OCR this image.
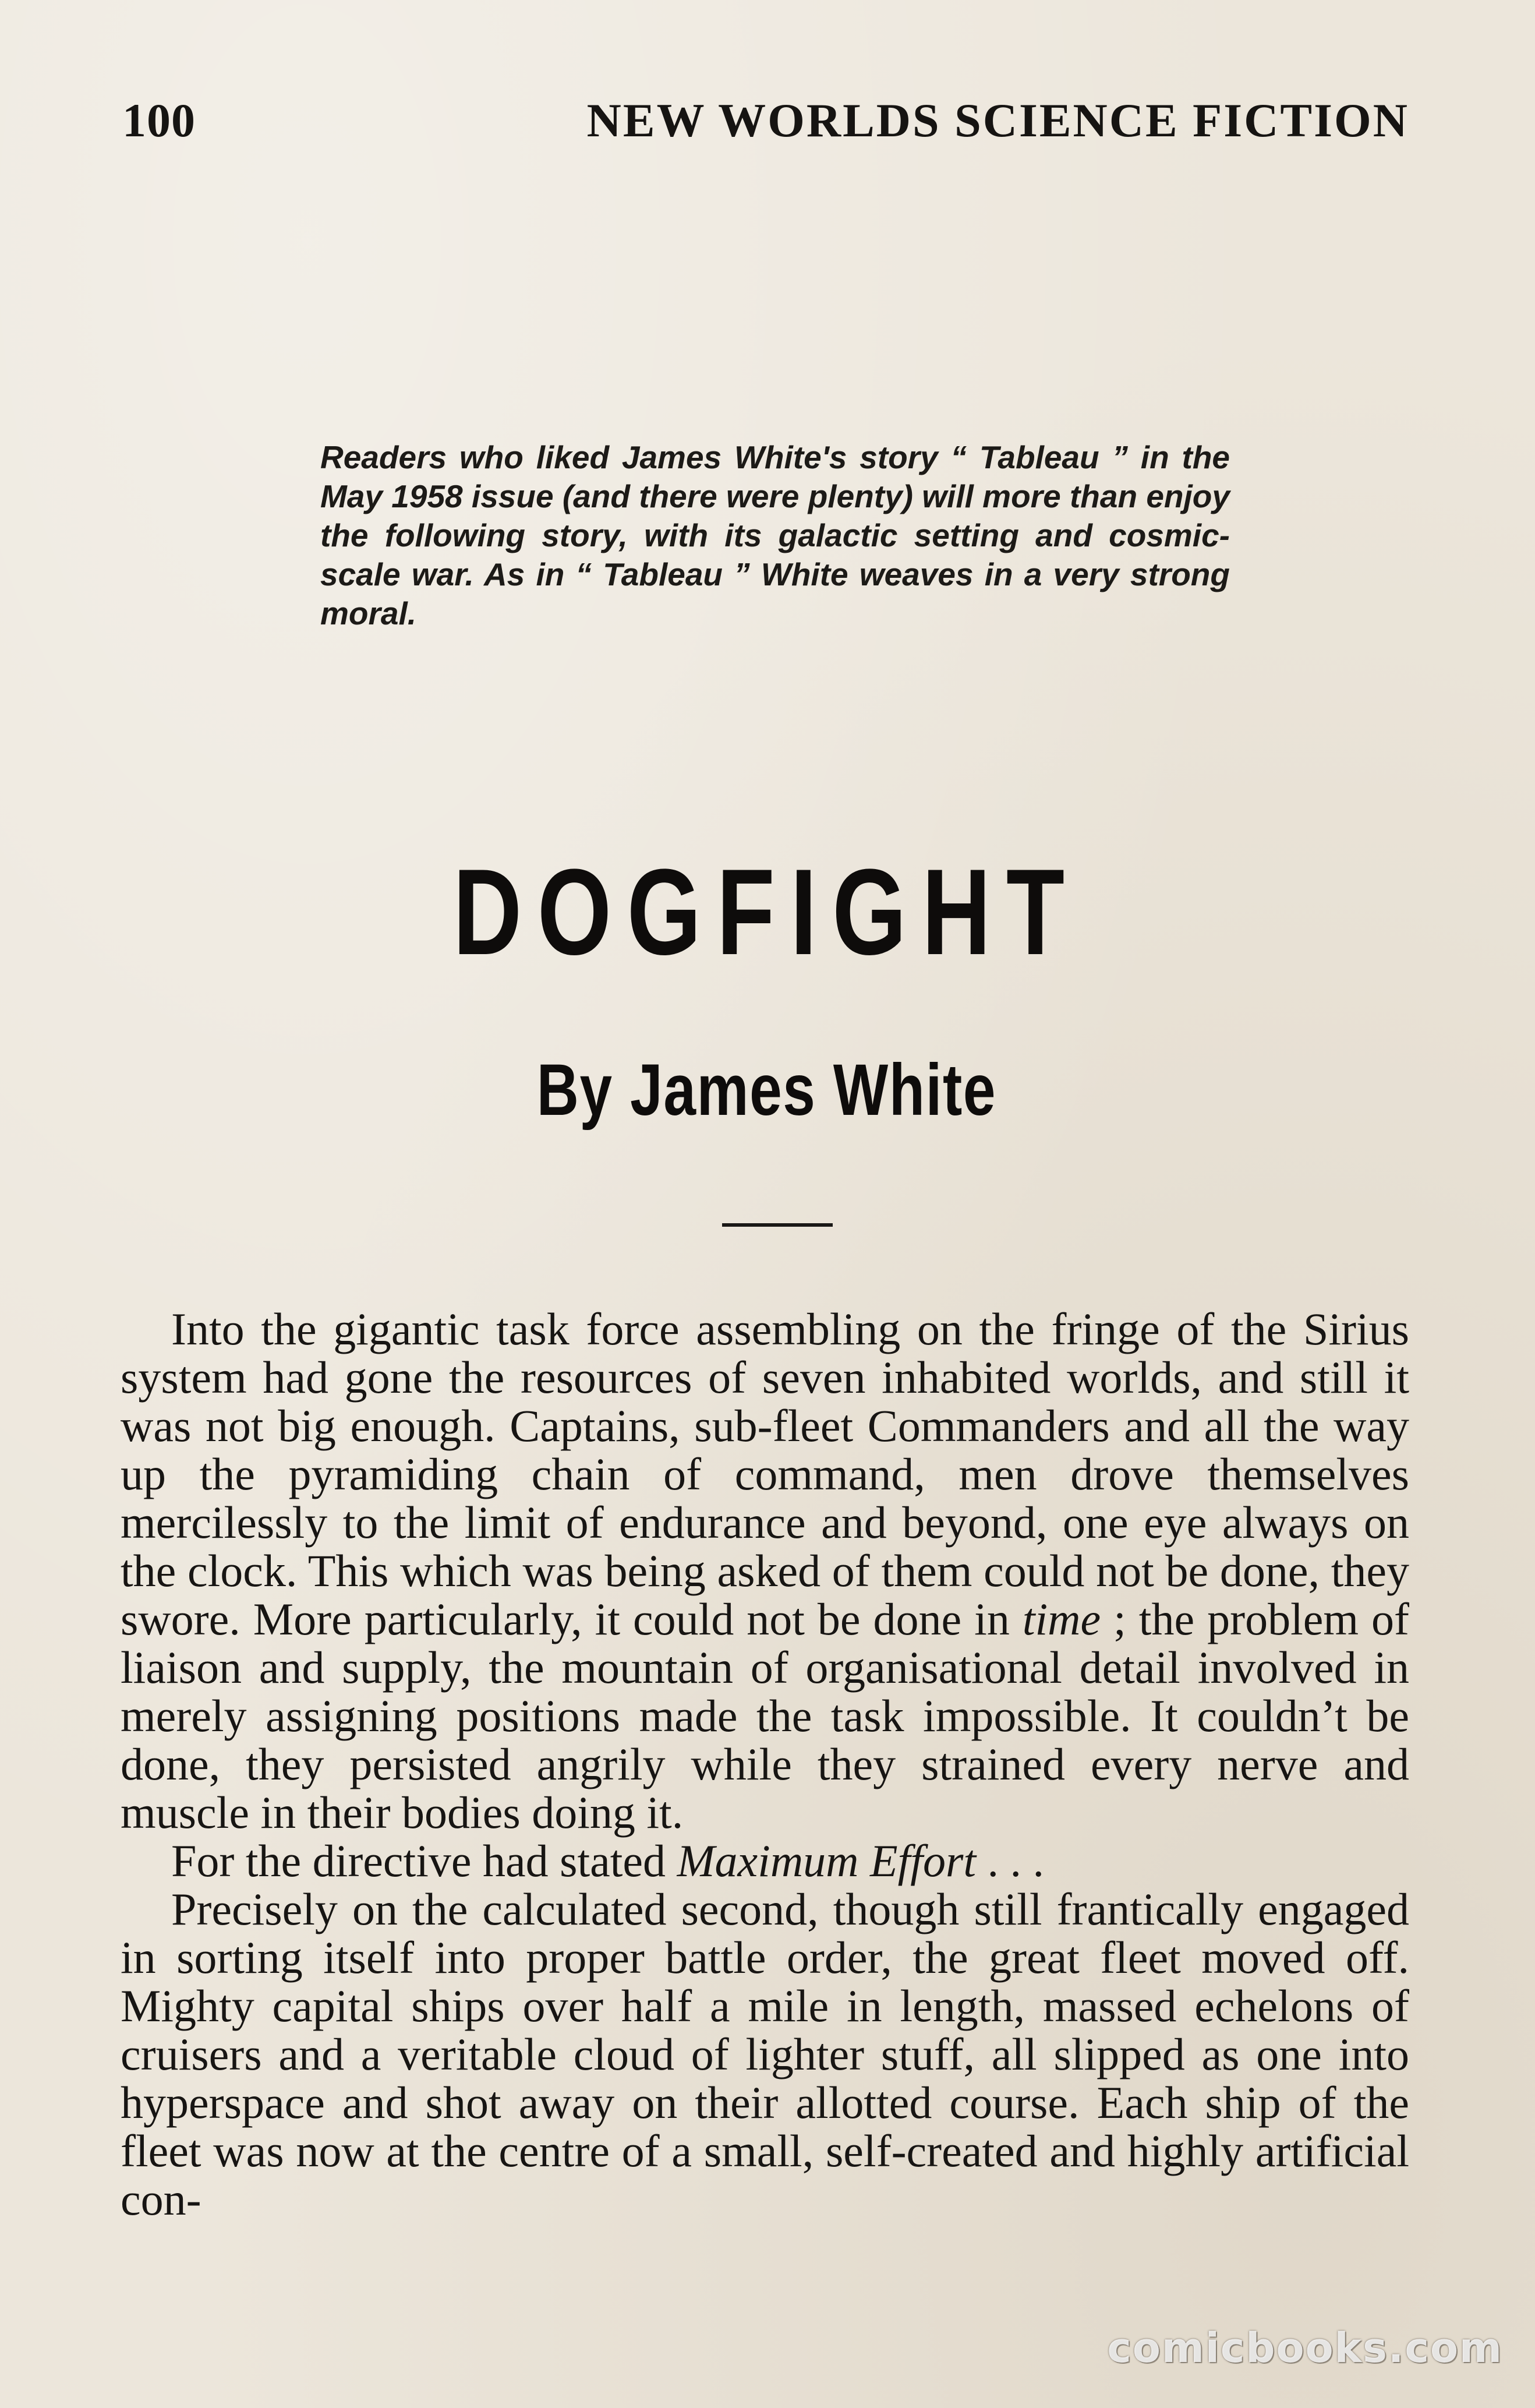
100	NEW WORLDS SCIENCE FICTION
Readers who liked James White's story “ Tableau ” in the May 1958 issue (and there were plenty) will more than enjoy the following story, with its galactic setting and cosmic-scale war. As in “ Tableau ” White weaves in a very strong moral.
DOGFIGHT
By James White

Into the gigantic task force assembling on the fringe of the Sirius system had gone the resources of seven inhabited worlds, and still it was not big enough. Captains, sub-fleet Commanders and all the way up the pyramiding chain of command, men drove themselves mercilessly to the limit of endurance and beyond, one eye always on the clock. This which was being asked of them could not be done, they swore. More particularly, it could not be done in time ; the problem of liaison and supply, the mountain of organisational detail involved in merely assigning positions made the task impossible. It couldn’t be done, they persisted angrily while they strained every nerve and muscle in their bodies doing it.

For the directive had stated Maximum Effort . . .

Precisely on the calculated second, though still frantically engaged in sorting itself into proper battle order, the great fleet moved off. Mighty capital ships over half a mile in length, massed echelons of cruisers and a veritable cloud of lighter stuff, all slipped as one into hyperspace and shot away on their allotted course. Each ship of the fleet was now at the centre of a small, self-created and highly artificial con-

comicbooks.com
